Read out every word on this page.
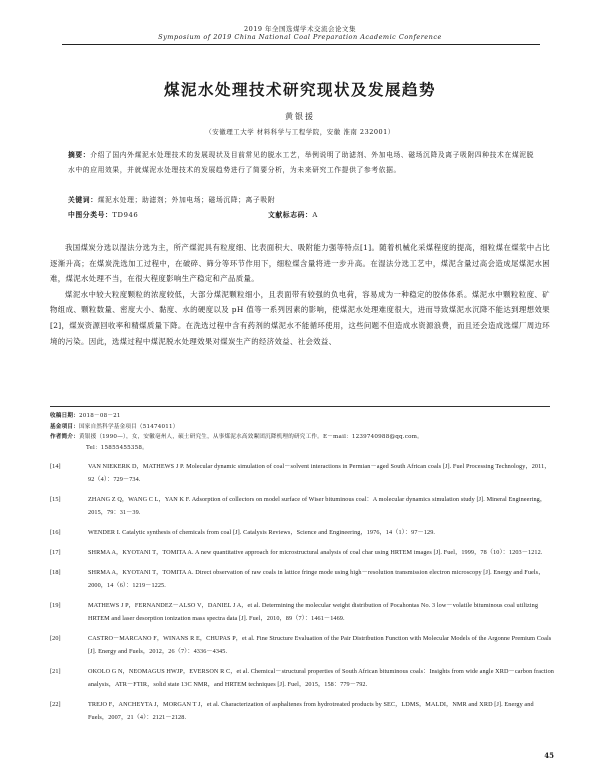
2019 年全国选煤学术交流会论文集
Symposium of 2019 China National Coal Preparation Academic Conference
煤泥水处理技术研究现状及发展趋势
黄银援
（安徽理工大学 材料科学与工程学院，安徽 淮南 232001）
摘要：介绍了国内外煤泥水处理技术的发展现状及目前常见的脱水工艺，举例说明了助滤剂、外加电场、磁场沉降及离子吸附四种技术在煤泥脱水中的应用效果，并就煤泥水处理技术的发展趋势进行了简要分析，为未来研究工作提供了参考依据。
关键词：煤泥水处理；助滤剂；外加电场；磁场沉降；离子吸附
中图分类号：TD946	文献标志码：A

我国煤炭分选以湿法分选为主，所产煤泥具有粒度细、比表面积大、吸附能力强等特点[1]。随着机械化采煤程度的提高，细粒煤在煤浆中占比逐渐升高；在煤炭洗选加工过程中，在破碎、筛分等环节作用下，细粒煤含量将进一步升高。在湿法分选工艺中，煤泥含量过高会造成尾煤泥水困难，煤泥水处理不当，在很大程度影响生产稳定和产品质量。

煤泥水中较大粒度颗粒的浓度较低，大部分煤泥颗粒细小，且表面带有较强的负电荷，容易成为一种稳定的胶体体系。煤泥水中颗粒粒度、矿物组成、颗粒数量、密度大小、黏度、水的硬度以及 pH 值等一系列因素的影响，使煤泥水处理难度很大，进而导致煤泥水沉降不能达到理想效果[2]，煤炭资源回收率和精煤质量下降。在洗选过程中含有药剂的煤泥水不能循环使用，这些问题不但造成水资源浪费，而且还会造成选煤厂周边环境的污染。因此，选煤过程中煤泥脱水处理效果对煤炭生产的经济效益、社会效益、

收稿日期：2018－08－21
基金项目：国家自然科学基金项目（51474011）
作者简介：黄银援（1990—），女，安徽亳州人，硕士研究生，从事煤泥水高效絮团沉降机理的研究工作。E－mail：1239740988@qq.com。
Tel：15855455358。
[14]	VAN NIEKERK D，MATHEWS J P. Molecular dynamic simulation of coal－solvent interactions in Permian－aged South African coals [J]. Fuel Processing Technology，2011，92（4）：729－734.
[15]	ZHANG Z Q，WANG C L，YAN K F. Adsorption of collectors on model surface of Wiser bituminous coal：A molecular dynamics simulation study [J]. Mineral Engineering，2015，79：31－39.
[16]	WENDER I. Catalytic synthesis of chemicals from coal [J]. Catalysis Reviews，Science and Engineering，1976，14（1）：97－129.
[17]	SHRMA A，KYOTANI T，TOMITA A. A new quantitative approach for microstructural analysis of coal char using HRTEM images [J]. Fuel，1999，78（10）：1203－1212.
[18]	SHRMA A，KYOTANI T，TOMITA A. Direct observation of raw coals in lattice fringe mode using high－resolution transmission electron microscopy [J]. Energy and Fuels，2000，14（6）：1219－1225.
[19]	MATHEWS J P，FERNANDEZ－ALSO V，DANIEL J A，et al. Determining the molecular weight distribution of Pocahontas No. 3 low－volatile bituminous coal utilizing HRTEM and laser desorption ionization mass spectra data [J]. Fuel，2010，89（7）：1461－1469.
[20]	CASTRO－MARCANO F，WINANS R E，CHUPAS P，et al. Fine Structure Evaluation of the Pair Distribution Function with Molecular Models of the Argonne Premium Coals [J]. Energy and Fuels，2012，26（7）：4336－4345.
[21]	OKOLO G N，NEOMAGUS HWJP，EVERSON R C，et al. Chemical－structural properties of South African bituminous coals：Insights from wide angle XRD－carbon fraction analysis，ATR－FTIR，solid state 13C NMR，and HRTEM techniques [J]. Fuel，2015，158：779－792.
[22]	TREJO F，ANCHEYTA J，MORGAN T J，et al. Characterization of asphaltenes from hydrotreated products by SEC，LDMS，MALDI，NMR and XRD [J]. Energy and Fuels，2007，21（4）：2121－2128.
45
